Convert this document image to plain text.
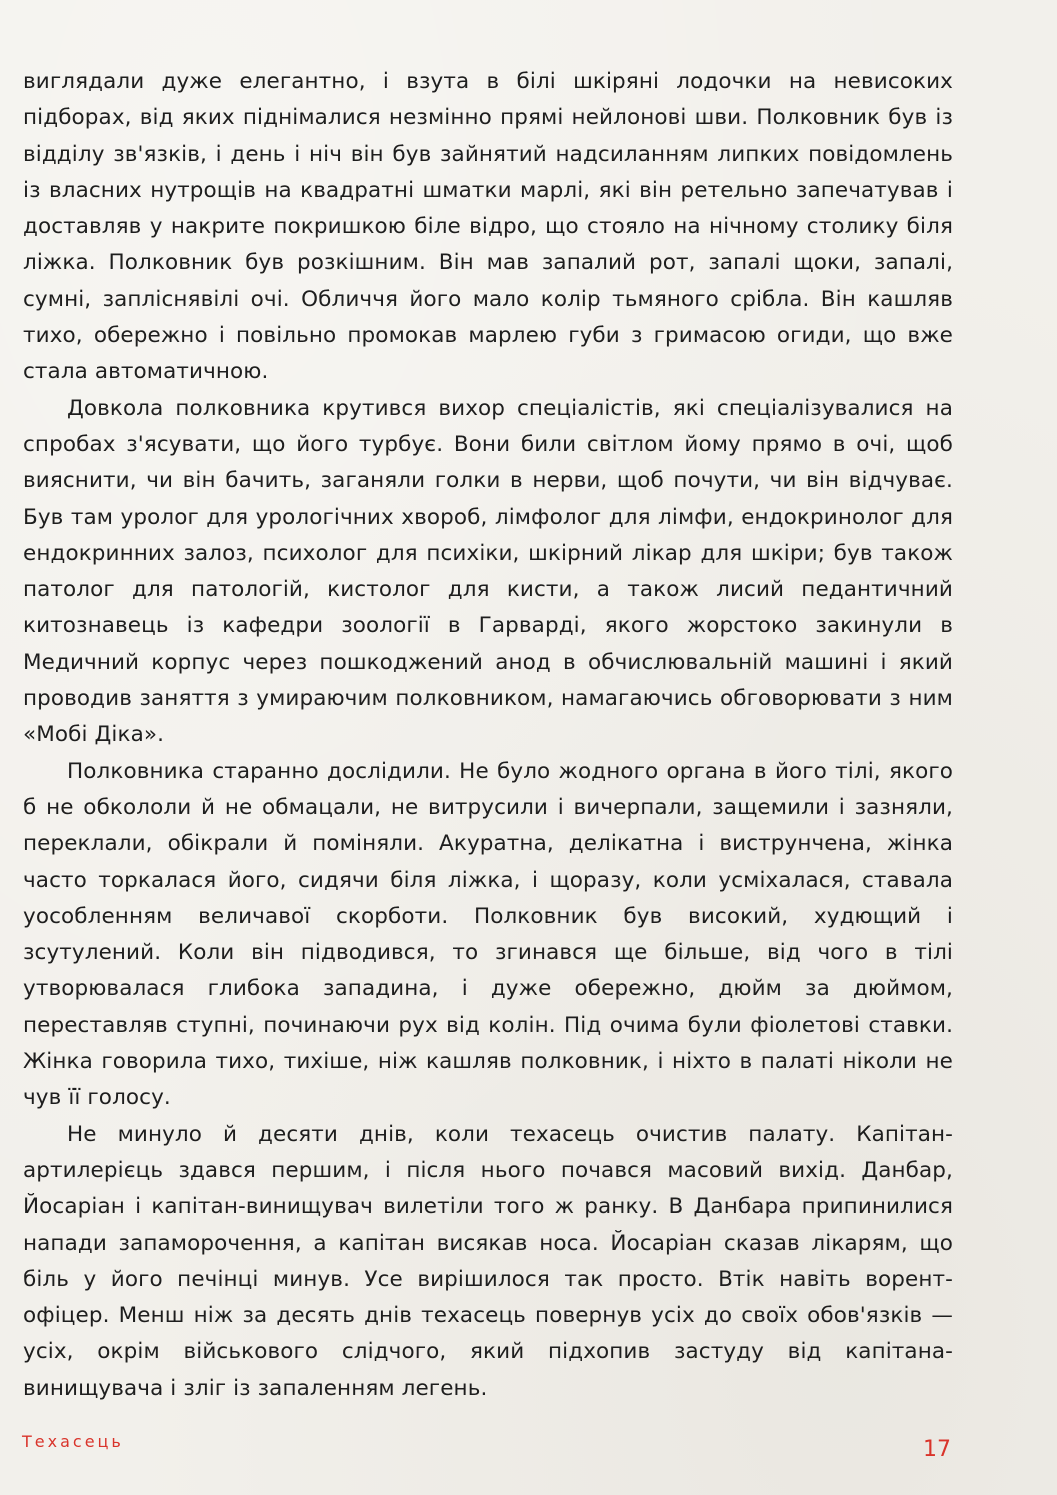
виглядали дуже елегантно, і взута в білі шкіряні лодочки на невисоких підборах, від яких піднімалися незмінно прямі нейлонові шви. Полковник був із відділу зв'язків, і день і ніч він був зайнятий надсиланням липких повідомлень із власних нутрощів на квадратні шматки марлі, які він ретельно запечатував і доставляв у накрите покришкою біле відро, що стояло на нічному столику біля ліжка. Полковник був розкішним. Він мав запалий рот, запалі щоки, запалі, сумні, запліснявілі очі. Обличчя його мало колір тьмяного срібла. Він кашляв тихо, обережно і повільно промокав марлею губи з гримасою огиди, що вже стала автоматичною.

Довкола полковника крутився вихор спеціалістів, які спеціалізувалися на спробах з'ясувати, що його турбує. Вони били світлом йому прямо в очі, щоб вияснити, чи він бачить, заганяли голки в нерви, щоб почути, чи він відчуває. Був там уролог для урологічних хвороб, лімфолог для лімфи, ендокринолог для ендокринних залоз, психолог для психіки, шкірний лікар для шкіри; був також патолог для патологій, кистолог для кисти, а також лисий педантичний китознавець із кафедри зоології в Гарварді, якого жорстоко закинули в Медичний корпус через пошкоджений анод в обчислювальній машині і який проводив заняття з умираючим полковником, намагаючись обговорювати з ним «Мобі Діка».

Полковника старанно дослідили. Не було жодного органа в його тілі, якого б не обкололи й не обмацали, не витрусили і вичерпали, защемили і зазняли, переклали, обікрали й поміняли. Акуратна, делікатна і виструнчена, жінка часто торкалася його, сидячи біля ліжка, і щоразу, коли усміхалася, ставала уособленням величавої скорботи. Полковник був високий, худющий і зсутулений. Коли він підводився, то згинався ще більше, від чого в тілі утворювалася глибока западина, і дуже обережно, дюйм за дюймом, переставляв ступні, починаючи рух від колін. Під очима були фіолетові ставки. Жінка говорила тихо, тихіше, ніж кашляв полковник, і ніхто в палаті ніколи не чув її голосу.

Не минуло й десяти днів, коли техасець очистив палату. Капітан-артилерієць здався першим, і після нього почався масовий вихід. Данбар, Йосаріан і капітан-винищувач вилетіли того ж ранку. В Данбара припинилися напади запаморочення, а капітан висякав носа. Йосаріан сказав лікарям, що біль у його печінці минув. Усе вирішилося так просто. Втік навіть ворент-офіцер. Менш ніж за десять днів техасець повернув усіх до своїх обов'язків — усіх, окрім військового слідчого, який підхопив застуду від капітана-винищувача і зліг із запаленням легень.

Техасець	17
